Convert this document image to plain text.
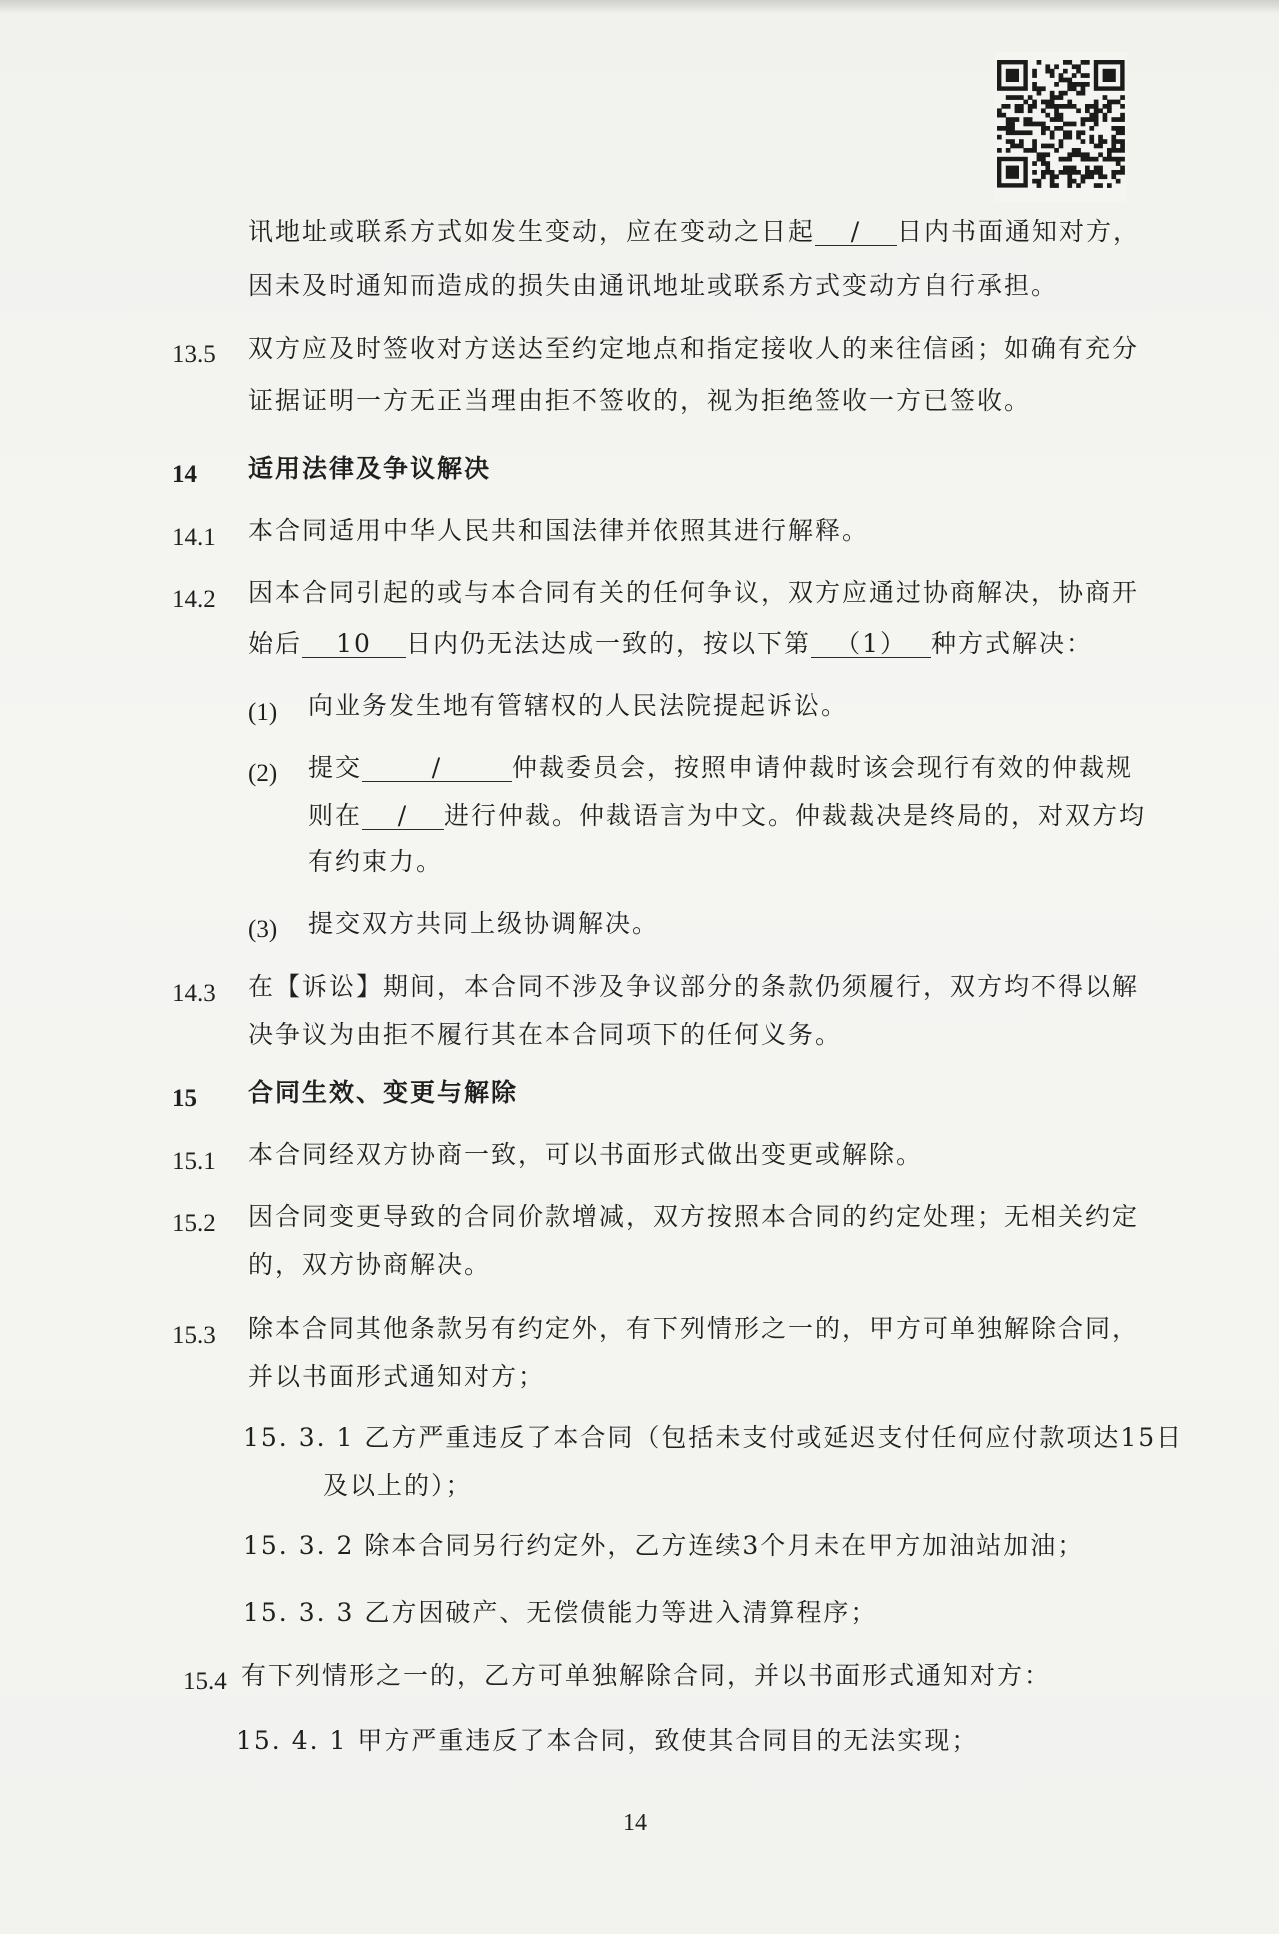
讯地址或联系方式如发生变动，应在变动之日起 / 日内书面通知对方，
因未及时通知而造成的损失由通讯地址或联系方式变动方自行承担。
13.5 双方应及时签收对方送达至约定地点和指定接收人的来往信函；如确有充分
证据证明一方无正当理由拒不签收的，视为拒绝签收一方已签收。
14 适用法律及争议解决
14.1 本合同适用中华人民共和国法律并依照其进行解释。
14.2 因本合同引起的或与本合同有关的任何争议，双方应通过协商解决，协商开
始后 10 日内仍无法达成一致的，按以下第 （1） 种方式解决：
(1) 向业务发生地有管辖权的人民法院提起诉讼。
(2) 提交	/	仲裁委员会，按照申请仲裁时该会现行有效的仲裁规
则在 / 进行仲裁。仲裁语言为中文。仲裁裁决是终局的，对双方均
有约束力。
(3) 提交双方共同上级协调解决。
14.3 在【诉讼】期间，本合同不涉及争议部分的条款仍须履行，双方均不得以解
决争议为由拒不履行其在本合同项下的任何义务。
15 合同生效、变更与解除
15.1 本合同经双方协商一致，可以书面形式做出变更或解除。
15.2 因合同变更导致的合同价款增减，双方按照本合同的约定处理；无相关约定
的，双方协商解决。
15.3 除本合同其他条款另有约定外，有下列情形之一的，甲方可单独解除合同，
并以书面形式通知对方；
15. 3. 1 乙方严重违反了本合同（包括未支付或延迟支付任何应付款项达15日
及以上的）；
15. 3. 2 除本合同另行约定外，乙方连续3个月未在甲方加油站加油；
15. 3. 3 乙方因破产、无偿债能力等进入清算程序；
15.4 有下列情形之一的，乙方可单独解除合同，并以书面形式通知对方：
15. 4. 1 甲方严重违反了本合同，致使其合同目的无法实现；
14
